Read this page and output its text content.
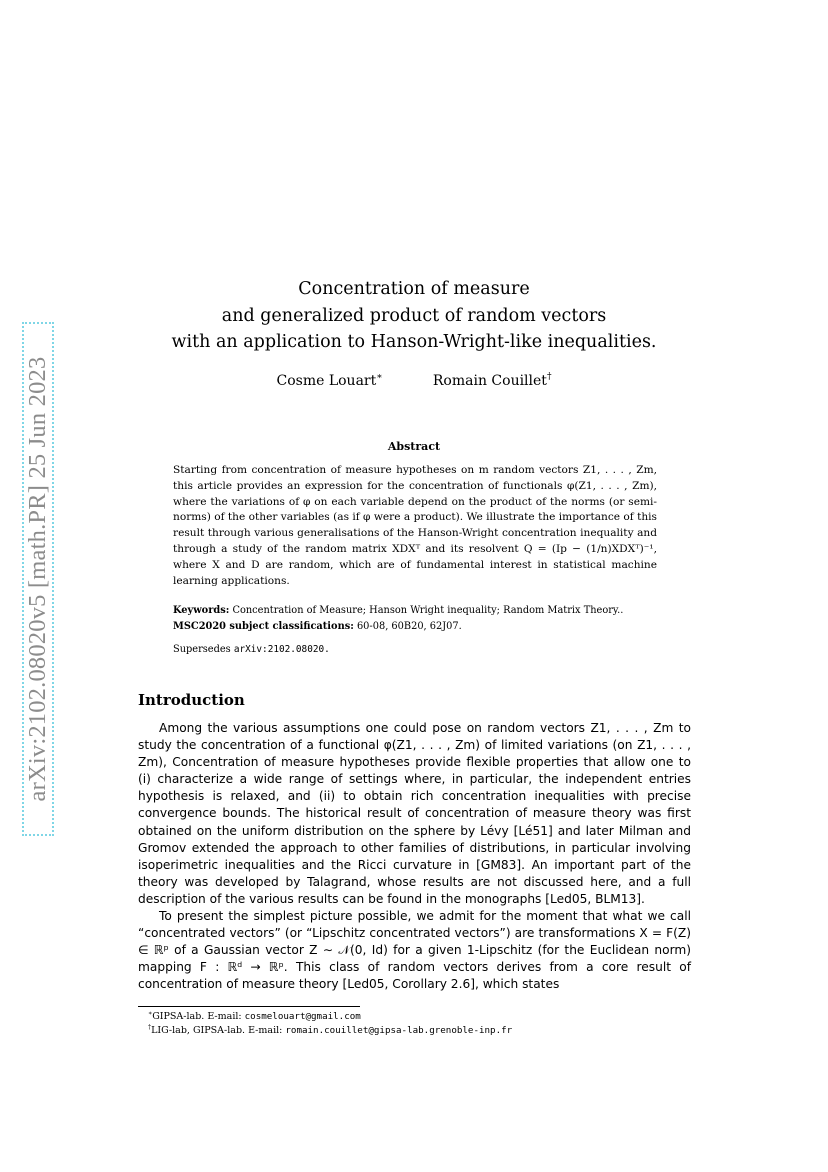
arXiv:2102.08020v5 [math.PR] 25 Jun 2023
Concentration of measure
and generalized product of random vectors
with an application to Hanson-Wright-like inequalities.
Cosme Louart∗	Romain Couillet†
Abstract

Starting from concentration of measure hypotheses on m random vectors Z1, . . . , Zm, this article provides an expression for the concentration of functionals φ(Z1, . . . , Zm), where the variations of φ on each variable depend on the product of the norms (or semi-norms) of the other variables (as if φ were a product). We illustrate the importance of this result through various generalisations of the Hanson-Wright concentration inequality and through a study of the random matrix XDXᵀ and its resolvent Q = (Ip − (1/n)XDXᵀ)⁻¹, where X and D are random, which are of fundamental interest in statistical machine learning applications.

Keywords: Concentration of Measure; Hanson Wright inequality; Random Matrix Theory..
MSC2020 subject classifications: 60-08, 60B20, 62J07.
Supersedes arXiv:2102.08020.
Introduction

Among the various assumptions one could pose on random vectors Z1, . . . , Zm to study the concentration of a functional φ(Z1, . . . , Zm) of limited variations (on Z1, . . . , Zm), Concentration of measure hypotheses provide flexible properties that allow one to (i) characterize a wide range of settings where, in particular, the independent entries hypothesis is relaxed, and (ii) to obtain rich concentration inequalities with precise convergence bounds. The historical result of concentration of measure theory was first obtained on the uniform distribution on the sphere by Lévy [Lé51] and later Milman and Gromov extended the approach to other families of distributions, in particular involving isoperimetric inequalities and the Ricci curvature in [GM83]. An important part of the theory was developed by Talagrand, whose results are not discussed here, and a full description of the various results can be found in the monographs [Led05, BLM13].

To present the simplest picture possible, we admit for the moment that what we call “concentrated vectors” (or “Lipschitz concentrated vectors”) are transformations X = F(Z) ∈ ℝᵖ of a Gaussian vector Z ∼ 𝒩(0, Id) for a given 1-Lipschitz (for the Euclidean norm) mapping F : ℝᵈ → ℝᵖ. This class of random vectors derives from a core result of concentration of measure theory [Led05, Corollary 2.6], which states

∗GIPSA-lab. E-mail: cosmelouart@gmail.com
†LIG-lab, GIPSA-lab. E-mail: romain.couillet@gipsa-lab.grenoble-inp.fr
